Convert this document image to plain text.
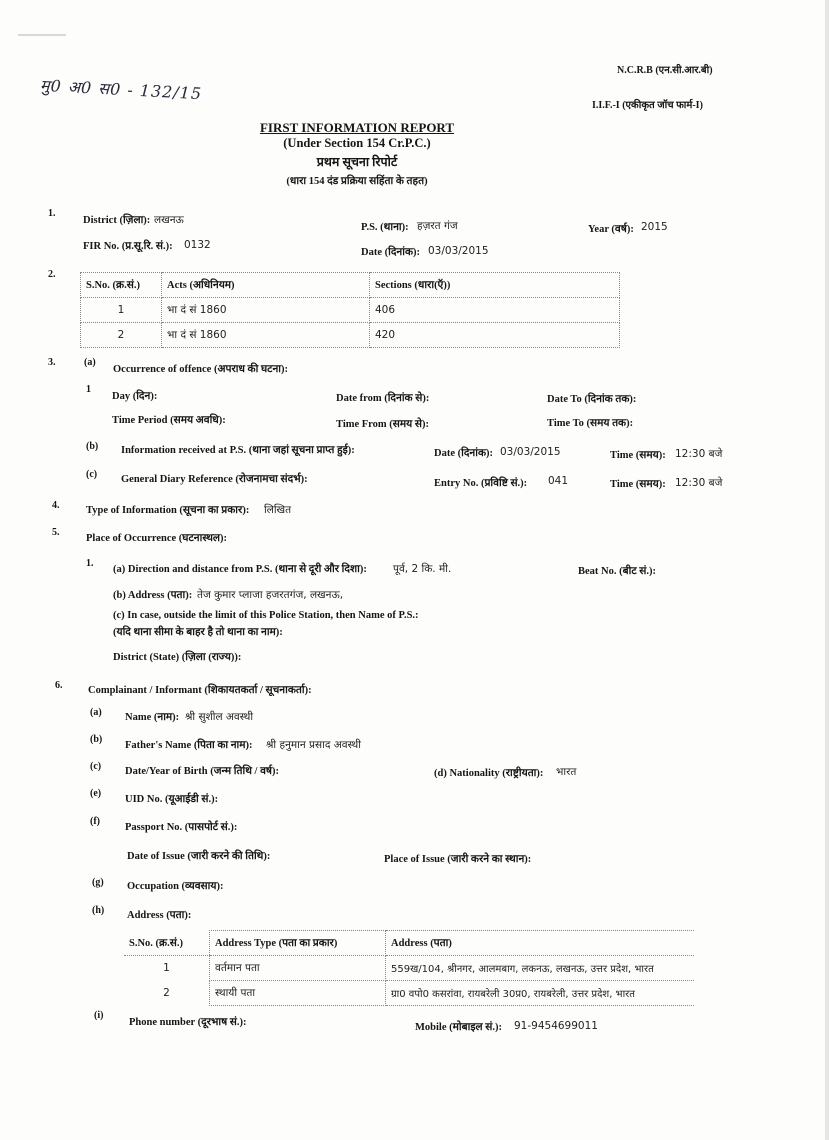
N.C.R.B (एन.सी.आर.बी)
I.I.F.-I (एकीकृत जॉच फार्म-I)
मु0 अ0 स0 - 132/15
FIRST INFORMATION REPORT
(Under Section 154 Cr.P.C.)
प्रथम सूचना रिपोर्ट
(धारा 154 दंड प्रक्रिया सहिंता के तहत)
1.
District (ज़िला): लखनऊ
P.S. (थाना): हज़रत गंज	Year (वर्ष): 2015
FIR No. (प्र.सू.रि. सं.): 0132
Date (दिनांक): 03/03/2015
2.
S.No. (क्र.सं.)	Acts (अधिनियम)	Sections (धारा(ऍ))
1	भा दं सं 1860	406
2	भा दं सं 1860	420
3.	(a)
Occurrence of offence (अपराध की घटना):
1
Day (दिन):	Date from (दिनांक से):	Date To (दिनांक तक):
Time Period (समय अवधि):	Time From (समय से):	Time To (समय तक):
(b) Information received at P.S. (थाना जहां सूचना प्राप्त हुई):	Date (दिनांक): 03/03/2015	Time (समय): 12:30 बजे
(c) General Diary Reference (रोजनामचा संदर्भ):	Entry No. (प्रविष्टि सं.): 041	Time (समय): 12:30 बजे
4.	Type of Information (सूचना का प्रकार): लिखित
5.
Place of Occurrence (घटनास्थल):
1.
(a) Direction and distance from P.S. (थाना से दूरी और दिशा): पूर्व, 2 कि. मी.	Beat No. (बीट सं.):
(b) Address (पता): तेज कुमार प्लाजा हजरतगंज, लखनऊ,
(c) In case, outside the limit of this Police Station, then Name of P.S.:
(यदि थाना सीमा के बाहर है तो थाना का नाम):
District (State) (ज़िला (राज्य)):
6. Complainant / Informant (शिकायतकर्ता / सूचनाकर्ता):
(a) Name (नाम): श्री सुशील अवस्थी
(b)
Father's Name (पिता का नाम): श्री हनुमान प्रसाद अवस्थी
(c) Date/Year of Birth (जन्म तिथि / वर्ष):	(d) Nationality (राष्ट्रीयता): भारत
(e)
UID No. (यूआईडी सं.):
(f)
Passport No. (पासपोर्ट सं.):
Date of Issue (जारी करने की तिथि):	Place of Issue (जारी करने का स्थान):
(g) Occupation (व्यवसाय):
(h) Address (पता):
S.No. (क्र.सं.)	Address Type (पता का प्रकार)	Address (पता)
1	वर्तमान पता	559ख/104, श्रीनगर, आलमबाग, लकनऊ, लखनऊ, उत्तर प्रदेश, भारत
2	स्थायी पता	ग्रा0 वपो0 कसरांवा, रायबरेली 30प्र0, रायबरेली, उत्तर प्रदेश, भारत
(i)
Phone number (दूरभाष सं.):	Mobile (मोबाइल सं.): 91-9454699011
